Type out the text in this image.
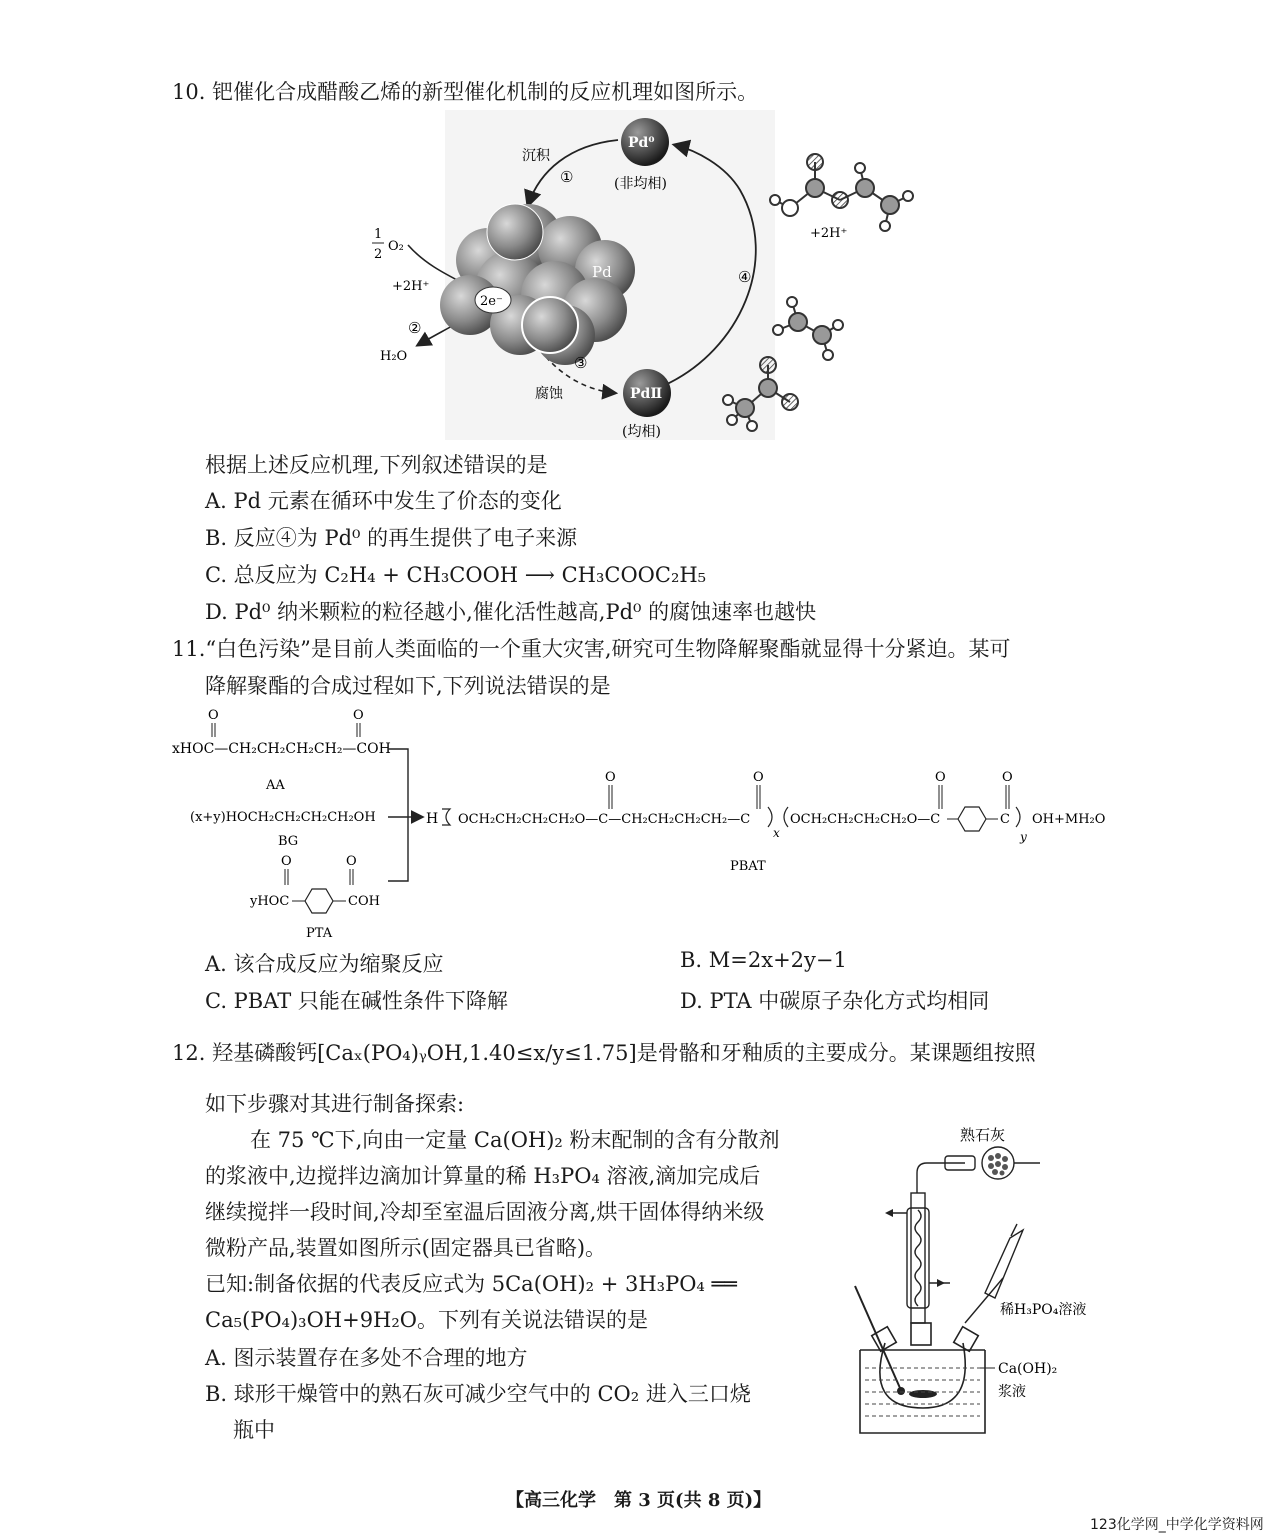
10. 钯催化合成醋酸乙烯的新型催化机制的反应机理如图所示。
Pd
2e⁻
Pd⁰
(非均相)
PdⅡ
(均相)
沉积
①
1
2
O₂
+2H⁺
②
H₂O	③
腐蚀
④
+2H⁺
根据上述反应机理,下列叙述错误的是
A. Pd 元素在循环中发生了价态的变化
B. 反应④为 Pd⁰ 的再生提供了电子来源
C. 总反应为 C₂H₄ + CH₃COOH ⟶ CH₃COOC₂H₅
D. Pd⁰ 纳米颗粒的粒径越小,催化活性越高,Pd⁰ 的腐蚀速率也越快
11.“白色污染”是目前人类面临的一个重大灾害,研究可生物降解聚酯就显得十分紧迫。某可
降解聚酯的合成过程如下,下列说法错误的是
O	O
xHOC—CH₂CH₂CH₂CH₂—COH
AA
(x+y)HOCH₂CH₂CH₂CH₂OH
BG
O	O
yHOC	COH
PTA
H OCH₂CH₂CH₂CH₂O—C—CH₂CH₂CH₂CH₂—C
O	O
x
OCH₂CH₂CH₂CH₂O—C
O
C
O
y
OH+MH₂O
PBAT
A. 该合成反应为缩聚反应	B. M=2x+2y−1
C. PBAT 只能在碱性条件下降解	D. PTA 中碳原子杂化方式均相同
12. 羟基磷酸钙[Caₓ(PO₄)ᵧOH,1.40≤x/y≤1.75]是骨骼和牙釉质的主要成分。某课题组按照
如下步骤对其进行制备探索:
在 75 ℃下,向由一定量 Ca(OH)₂ 粉末配制的含有分散剂
的浆液中,边搅拌边滴加计算量的稀 H₃PO₄ 溶液,滴加完成后
继续搅拌一段时间,冷却至室温后固液分离,烘干固体得纳米级
微粉产品,装置如图所示(固定器具已省略)。
已知:制备依据的代表反应式为 5Ca(OH)₂ + 3H₃PO₄ ══
Ca₅(PO₄)₃OH+9H₂O。下列有关说法错误的是
A. 图示装置存在多处不合理的地方
B. 球形干燥管中的熟石灰可减少空气中的 CO₂ 进入三口烧
瓶中
熟石灰
稀H₃PO₄溶液
Ca(OH)₂
浆液
【高三化学　第 3 页(共 8 页)】
123化学网_中学化学资料网
